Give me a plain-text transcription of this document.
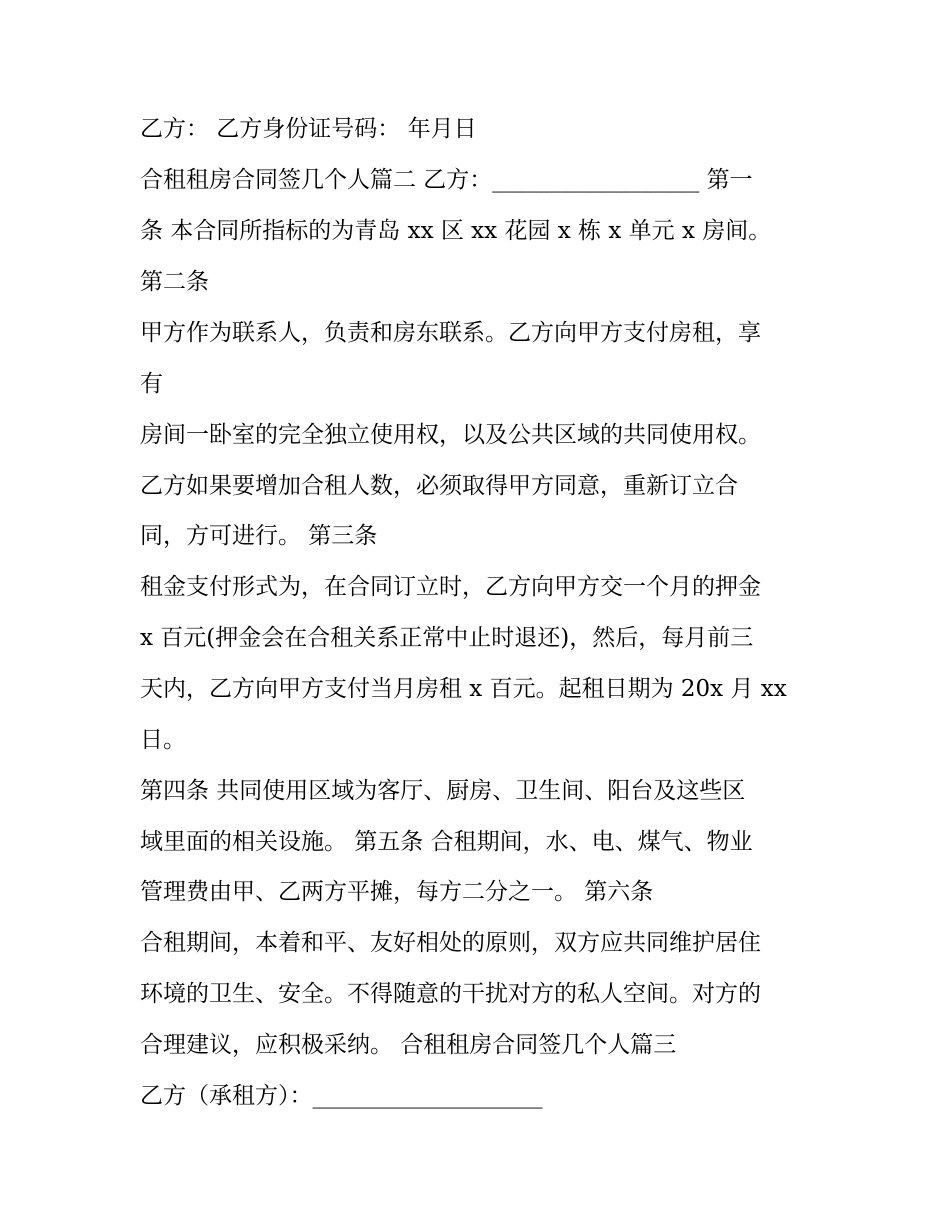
乙方： 乙方身份证号码： 年月日
合租租房合同签几个人篇二 乙方：__________________ 第一
条 本合同所指标的为青岛 xx 区 xx 花园 x 栋 x 单元 x 房间。
第二条
甲方作为联系人，负责和房东联系。乙方向甲方支付房租，享
有
房间一卧室的完全独立使用权，以及公共区域的共同使用权。
乙方如果要增加合租人数，必须取得甲方同意，重新订立合
同，方可进行。 第三条
租金支付形式为，在合同订立时，乙方向甲方交一个月的押金
x 百元(押金会在合租关系正常中止时退还)，然后，每月前三
天内，乙方向甲方支付当月房租 x 百元。起租日期为 20x 月 xx
日。
第四条 共同使用区域为客厅、厨房、卫生间、阳台及这些区
域里面的相关设施。 第五条 合租期间，水、电、煤气、物业
管理费由甲、乙两方平摊，每方二分之一。 第六条
合租期间，本着和平、友好相处的原则，双方应共同维护居住
环境的卫生、安全。不得随意的干扰对方的私人空间。对方的
合理建议，应积极采纳。 合租租房合同签几个人篇三
乙方（承租方）：____________________
